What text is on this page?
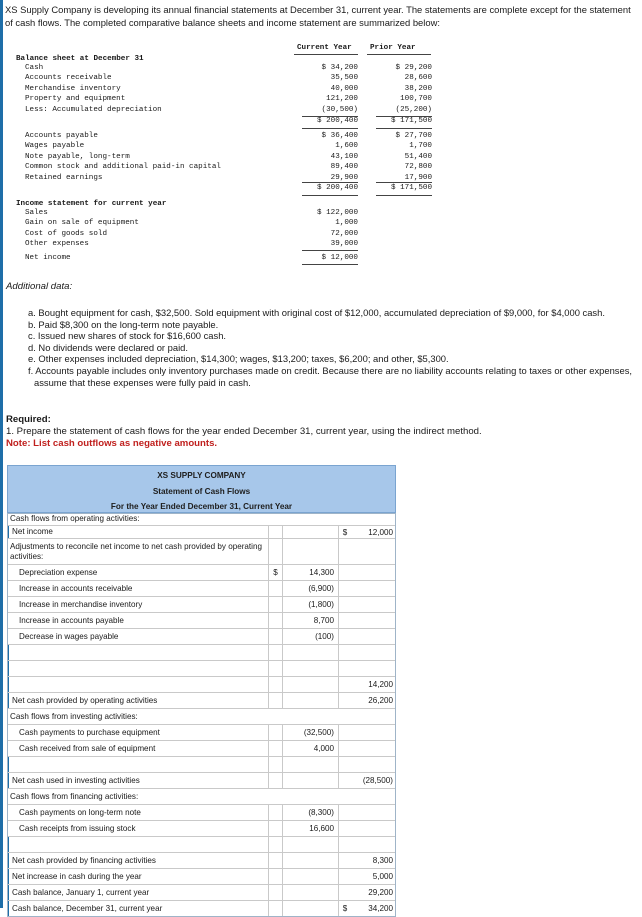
XS Supply Company is developing its annual financial statements at December 31, current year. The statements are complete except for the statement of cash flows. The completed comparative balance sheets and income statement are summarized below:
Current Year Prior Year
Balance sheet at December 31
Cash	$ 34,200	$ 29,200
Accounts receivable	35,500	28,600
Merchandise inventory	40,000	38,200
Property and equipment	121,200	100,700
Less: Accumulated depreciation	(30,500)	(25,200)
$ 200,400	$ 171,500
Accounts payable	$ 36,400	$ 27,700
Wages payable	1,600	1,700
Note payable, long-term	43,100	51,400
Common stock and additional paid-in capital	89,400	72,800
Retained earnings	29,900	17,900
$ 200,400	$ 171,500
Sales	$ 122,000
Gain on sale of equipment	1,000
Cost of goods sold	72,000
Other expenses	39,000
Net income	$ 12,000
Income statement for current year
Additional data:
a. Bought equipment for cash, $32,500. Sold equipment with original cost of $12,000, accumulated depreciation of $9,000, for $4,000 cash.
b. Paid $8,300 on the long-term note payable.
c. Issued new shares of stock for $16,600 cash.
d. No dividends were declared or paid.
e. Other expenses included depreciation, $14,300; wages, $13,200; taxes, $6,200; and other, $5,300.
f. Accounts payable includes only inventory purchases made on credit. Because there are no liability accounts relating to taxes or other expenses, assume that these expenses were fully paid in cash.
Required:
1. Prepare the statement of cash flows for the year ended December 31, current year, using the indirect method.
Note: List cash outflows as negative amounts.
XS SUPPLY COMPANY
Statement of Cash Flows
For the Year Ended December 31, Current Year
Cash flows from operating activities:
Net income	$	12,000
Adjustments to reconcile net income to net cash provided by operating activities:
Depreciation expense	$	14,300
Increase in accounts receivable	(6,900)
Increase in merchandise inventory	(1,800)
Increase in accounts payable	8,700
Decrease in wages payable	(100)
14,200
Net cash provided by operating activities	26,200
Cash flows from investing activities:
Cash payments to purchase equipment	(32,500)
Cash received from sale of equipment	4,000
Net cash used in investing activities	(28,500)
Cash flows from financing activities:
Cash payments on long-term note	(8,300)
Cash receipts from issuing stock	16,600
Net cash provided by financing activities	8,300
Net increase in cash during the year	5,000
Cash balance, January 1, current year	29,200
Cash balance, December 31, current year	$	34,200
